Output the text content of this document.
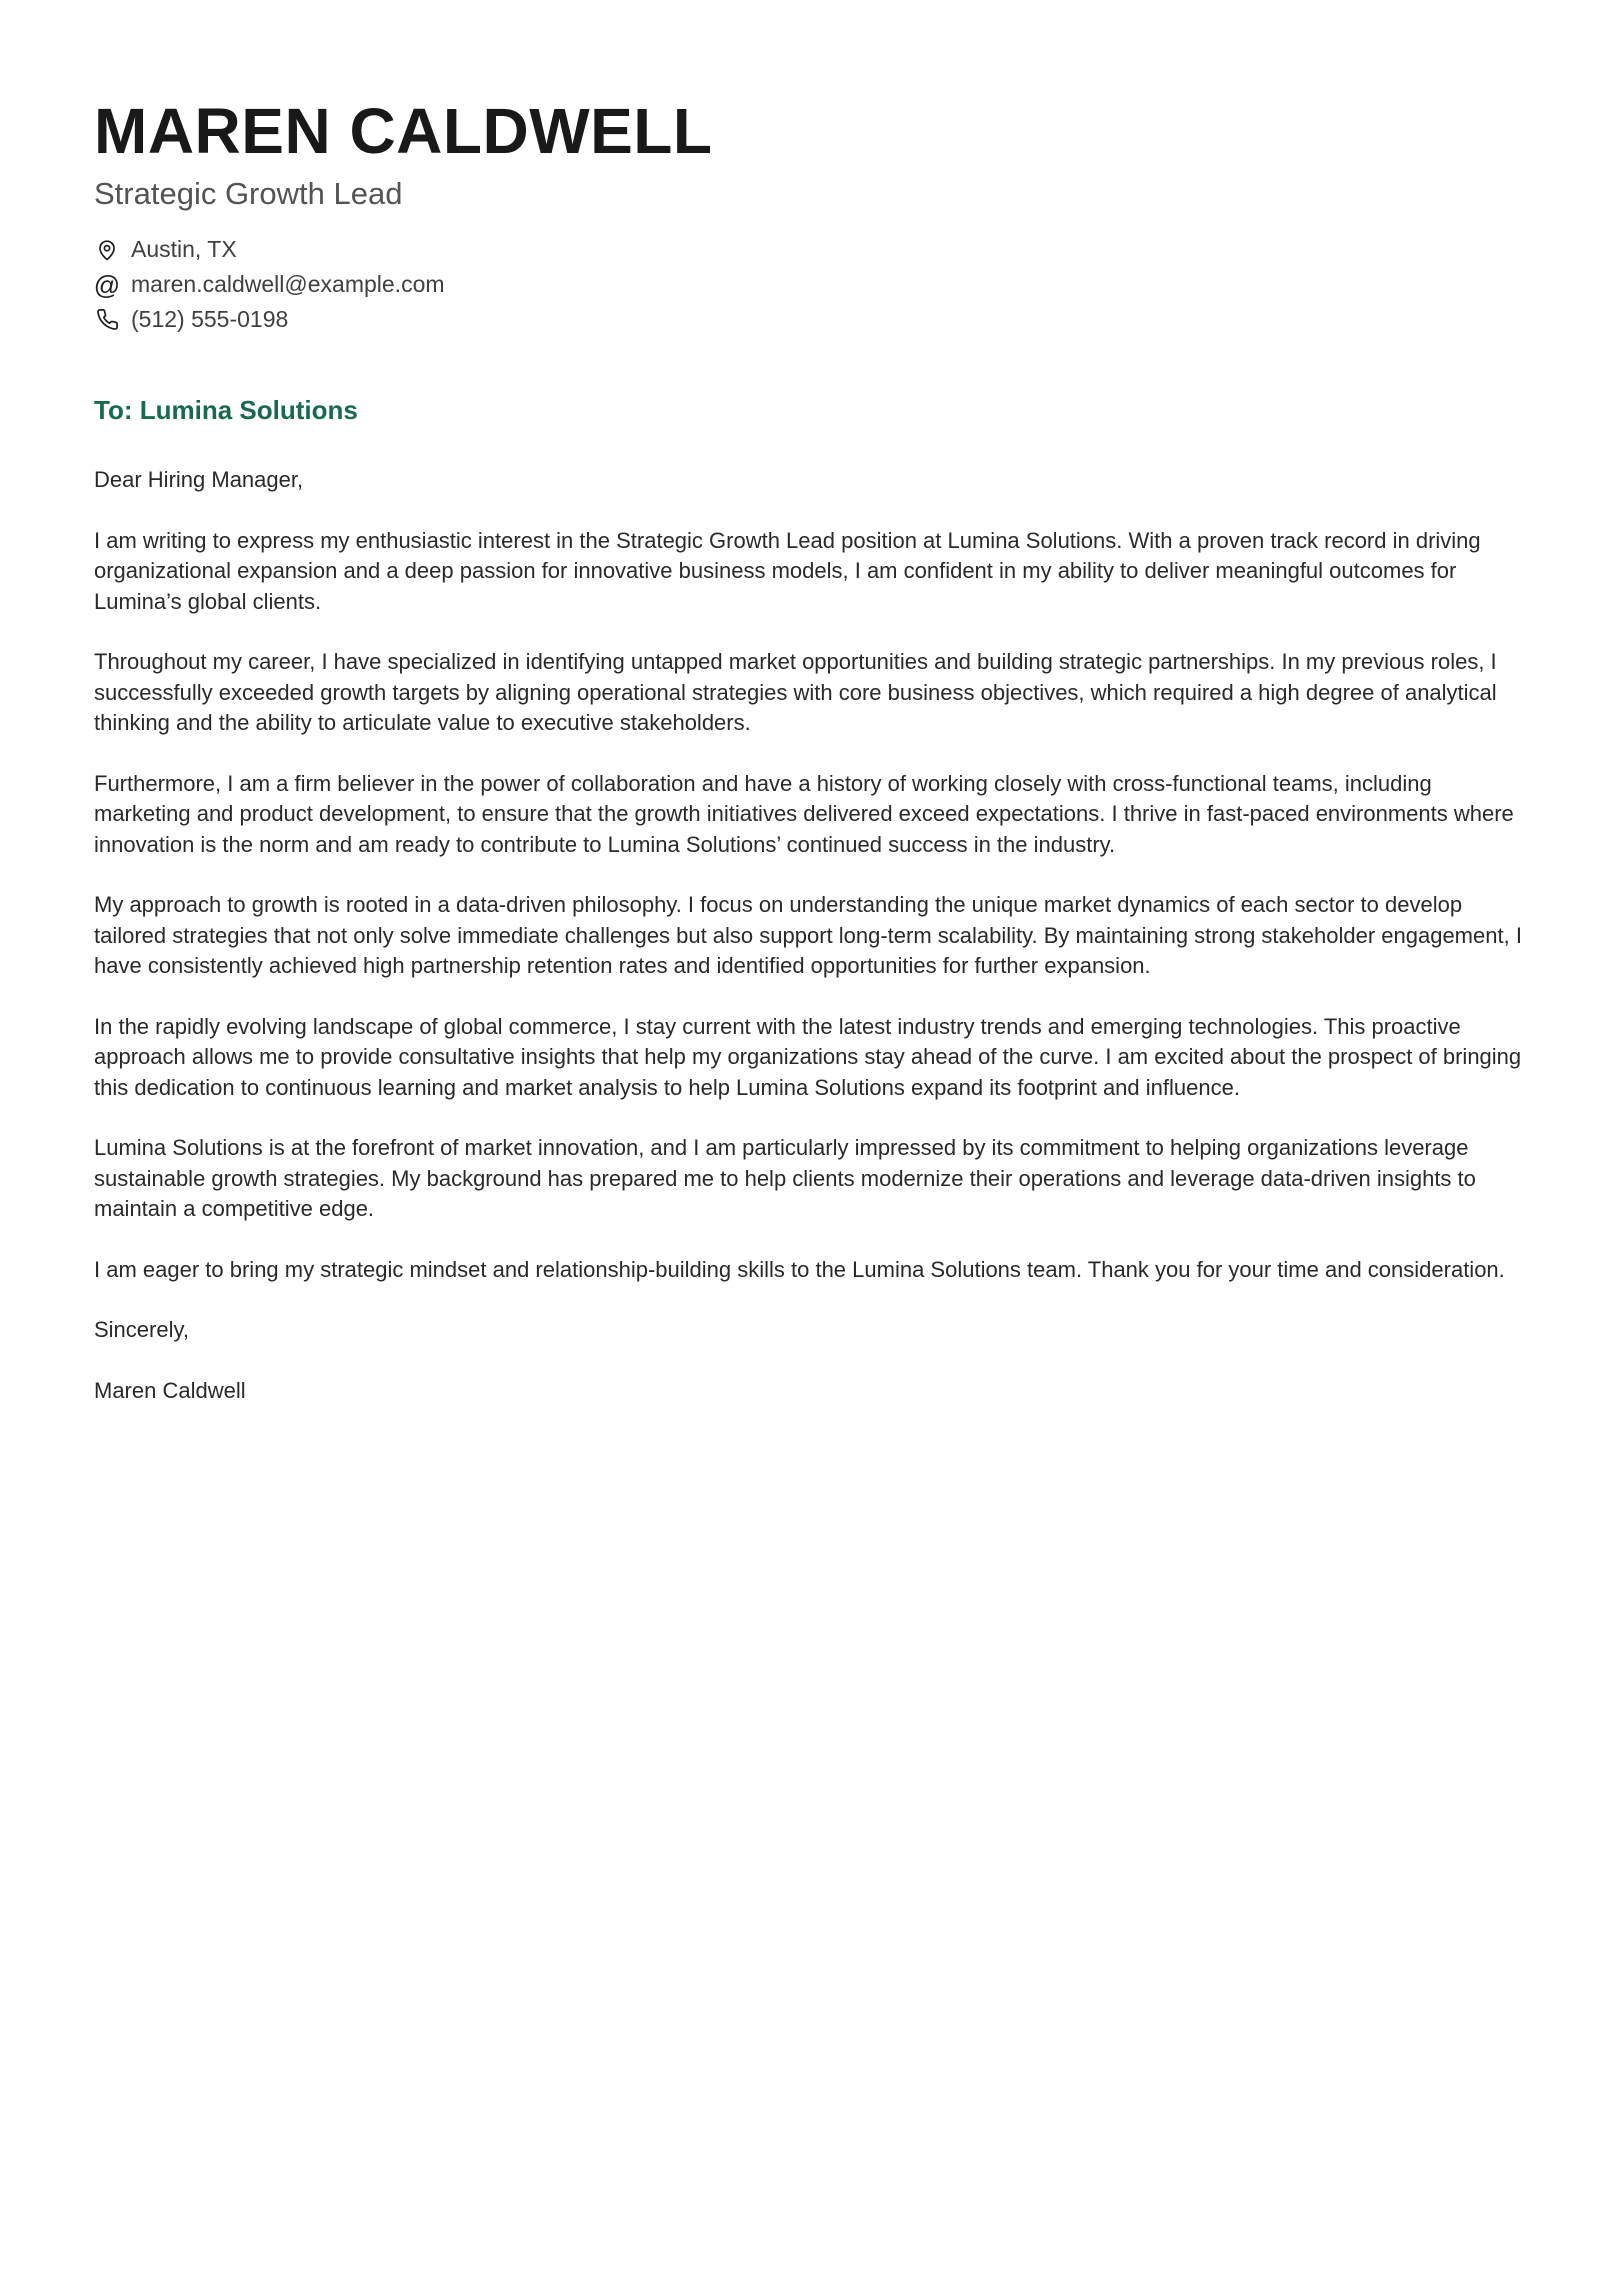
MAREN CALDWELL
Strategic Growth Lead
Austin, TX
@ maren.caldwell@example.com
(512) 555-0198
To: Lumina Solutions

Dear Hiring Manager,

I am writing to express my enthusiastic interest in the Strategic Growth Lead position at Lumina Solutions. With a proven track record in driving organizational expansion and a deep passion for innovative business models, I am confident in my ability to deliver meaningful outcomes for Lumina’s global clients.

Throughout my career, I have specialized in identifying untapped market opportunities and building strategic partnerships. In my previous roles, I successfully exceeded growth targets by aligning operational strategies with core business objectives, which required a high degree of analytical thinking and the ability to articulate value to executive stakeholders.

Furthermore, I am a firm believer in the power of collaboration and have a history of working closely with cross-functional teams, including marketing and product development, to ensure that the growth initiatives delivered exceed expectations. I thrive in fast-paced environments where innovation is the norm and am ready to contribute to Lumina Solutions’ continued success in the industry.

My approach to growth is rooted in a data-driven philosophy. I focus on understanding the unique market dynamics of each sector to develop tailored strategies that not only solve immediate challenges but also support long-term scalability. By maintaining strong stakeholder engagement, I have consistently achieved high partnership retention rates and identified opportunities for further expansion.

In the rapidly evolving landscape of global commerce, I stay current with the latest industry trends and emerging technologies. This proactive approach allows me to provide consultative insights that help my organizations stay ahead of the curve. I am excited about the prospect of bringing this dedication to continuous learning and market analysis to help Lumina Solutions expand its footprint and influence.

Lumina Solutions is at the forefront of market innovation, and I am particularly impressed by its commitment to helping organizations leverage sustainable growth strategies. My background has prepared me to help clients modernize their operations and leverage data-driven insights to maintain a competitive edge.

I am eager to bring my strategic mindset and relationship-building skills to the Lumina Solutions team. Thank you for your time and consideration.

Sincerely,

Maren Caldwell
